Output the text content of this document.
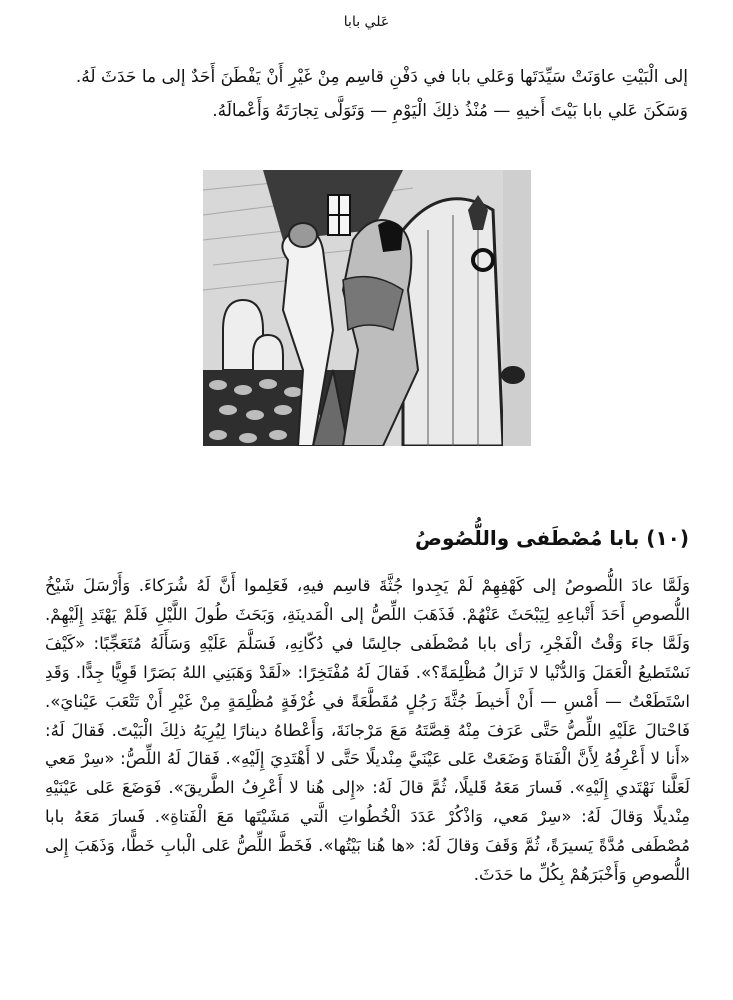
عَلي بابا

إلى الْبَيْتِ عاوَنَتْ سَيِّدَتَها وَعَلي بابا في دَفْنِ قاسِم مِنْ غَيْرِ أَنْ يَفْطَنَ أَحَدٌ إلى ما حَدَثَ لَهُ.

وَسَكَنَ عَلي بابا بَيْتَ أَخيهِ — مُنْذُ ذلِكَ الْيَوْمِ — وَتَوَلَّى تِجارَتَهُ وَأَعْمالَهُ.

(١٠) بابا مُصْطَفى واللُّصُوصُ

وَلَمَّا عادَ اللُّصوصُ إلى كَهْفِهِمْ لَمْ يَجِدوا جُثَّةَ قاسِم فيهِ، فَعَلِموا أَنَّ لَهُ شُرَكاءَ. وَأَرْسَلَ شَيْخُ اللُّصوصِ أَحَدَ أَتْباعِهِ لِيَبْحَثَ عَنْهُمْ. فَذَهَبَ اللِّصُّ إلى الْمَدينَةِ، وَبَحَثَ طُولَ اللَّيْلِ فَلَمْ يَهْتَدِ إِلَيْهِمْ. وَلَمَّا جاءَ وَقْتُ الْفَجْرِ، رَأى بابا مُصْطَفى جالِسًا في دُكّانِهِ، فَسَلَّمَ عَلَيْهِ وَسَأَلَهُ مُتَعَجِّبًا: «كَيْفَ نَسْتَطيعُ الْعَمَلَ وَالدُّنْيا لا تَزالُ مُظْلِمَةً؟». فَقالَ لَهُ مُفْتَخِرًا: «لَقَدْ وَهَبَنِي اللهُ بَصَرًا قَوِيًّا جِدًّا. وَقَدِ اسْتَطَعْتُ — أَمْسِ — أَنْ أَخيطَ جُثَّةَ رَجُلٍ مُقَطَّعَةً في غُرْفَةٍ مُظْلِمَةٍ مِنْ غَيْرِ أَنْ تَتْعَبَ عَيْنايَ». فَاحْتالَ عَلَيْهِ اللِّصُّ حَتَّى عَرَفَ مِنْهُ قِصَّتَهُ مَعَ مَرْجانَةَ، وَأَعْطاهُ دينارًا لِيُرِيَهُ ذلِكَ الْبَيْتَ. فَقالَ لَهُ: «أَنا لا أَعْرِفُهُ لِأَنَّ الْفَتاةَ وَضَعَتْ عَلى عَيْنَيَّ مِنْديلًا حَتَّى لا أَهْتَدِيَ إِلَيْهِ». فَقالَ لَهُ اللِّصُّ: «سِرْ مَعي لَعَلَّنا نَهْتَدي إِلَيْهِ». فَسارَ مَعَهُ قَليلًا، ثُمَّ قالَ لَهُ: «إِلى هُنا لا أَعْرِفُ الطَّريقَ». فَوَضَعَ عَلى عَيْنَيْهِ مِنْديلًا وَقالَ لَهُ: «سِرْ مَعي، وَاذْكُرْ عَدَدَ الْخُطُواتِ الَّتي مَشَيْتَها مَعَ الْفَتاةِ». فَسارَ مَعَهُ بابا مُصْطَفى مُدَّةً يَسيرَةً، ثُمَّ وَقَفَ وَقالَ لَهُ: «ها هُنا بَيْتُها». فَخَطَّ اللِّصُّ عَلى الْبابِ خَطًّا، وَذَهَبَ إِلى اللُّصوصِ وَأَخْبَرَهُمْ بِكُلِّ ما حَدَثَ.
